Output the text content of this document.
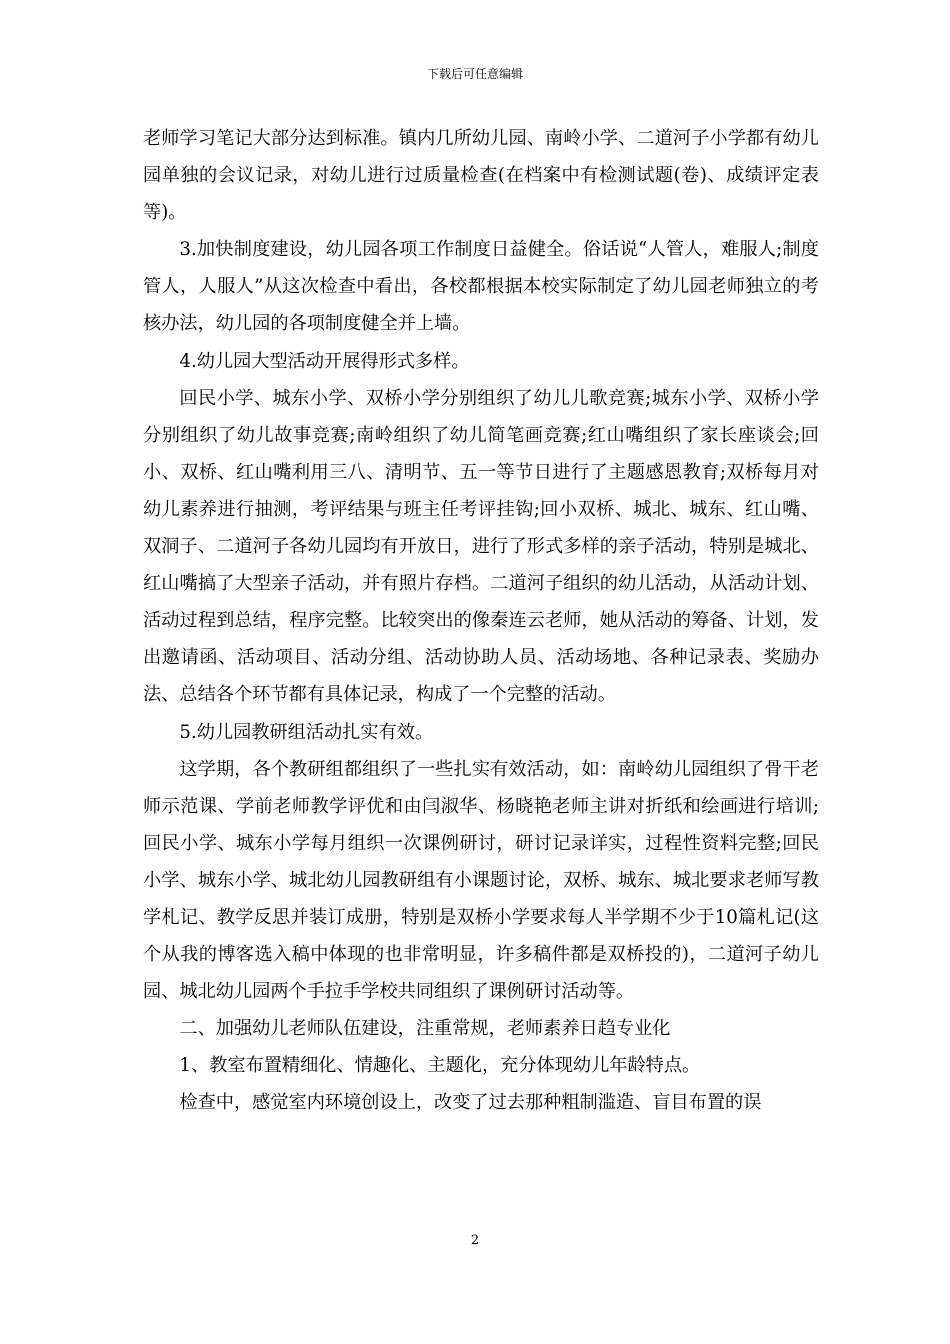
下载后可任意编辑

老师学习笔记大部分达到标准。镇内几所幼儿园、南岭小学、二道河子小学都有幼儿园单独的会议记录，对幼儿进行过质量检查(在档案中有检测试题(卷)、成绩评定表等)。

3.加快制度建设，幼儿园各项工作制度日益健全。俗话说“人管人，难服人;制度管人，人服人”从这次检查中看出，各校都根据本校实际制定了幼儿园老师独立的考核办法，幼儿园的各项制度健全并上墙。

4.幼儿园大型活动开展得形式多样。

回民小学、城东小学、双桥小学分别组织了幼儿儿歌竞赛;城东小学、双桥小学分别组织了幼儿故事竞赛;南岭组织了幼儿简笔画竞赛;红山嘴组织了家长座谈会;回小、双桥、红山嘴利用三八、清明节、五一等节日进行了主题感恩教育;双桥每月对幼儿素养进行抽测，考评结果与班主任考评挂钩;回小双桥、城北、城东、红山嘴、双洞子、二道河子各幼儿园均有开放日，进行了形式多样的亲子活动，特别是城北、红山嘴搞了大型亲子活动，并有照片存档。二道河子组织的幼儿活动，从活动计划、活动过程到总结，程序完整。比较突出的像秦连云老师，她从活动的筹备、计划，发出邀请函、活动项目、活动分组、活动协助人员、活动场地、各种记录表、奖励办法、总结各个环节都有具体记录，构成了一个完整的活动。

5.幼儿园教研组活动扎实有效。

这学期，各个教研组都组织了一些扎实有效活动，如：南岭幼儿园组织了骨干老师示范课、学前老师教学评优和由闫淑华、杨晓艳老师主讲对折纸和绘画进行培训;回民小学、城东小学每月组织一次课例研讨，研讨记录详实，过程性资料完整;回民小学、城东小学、城北幼儿园教研组有小课题讨论，双桥、城东、城北要求老师写教学札记、教学反思并装订成册，特别是双桥小学要求每人半学期不少于10篇札记(这个从我的博客选入稿中体现的也非常明显，许多稿件都是双桥投的)，二道河子幼儿园、城北幼儿园两个手拉手学校共同组织了课例研讨活动等。

二、加强幼儿老师队伍建设，注重常规，老师素养日趋专业化

1、教室布置精细化、情趣化、主题化，充分体现幼儿年龄特点。

检查中，感觉室内环境创设上，改变了过去那种粗制滥造、盲目布置的误

2
